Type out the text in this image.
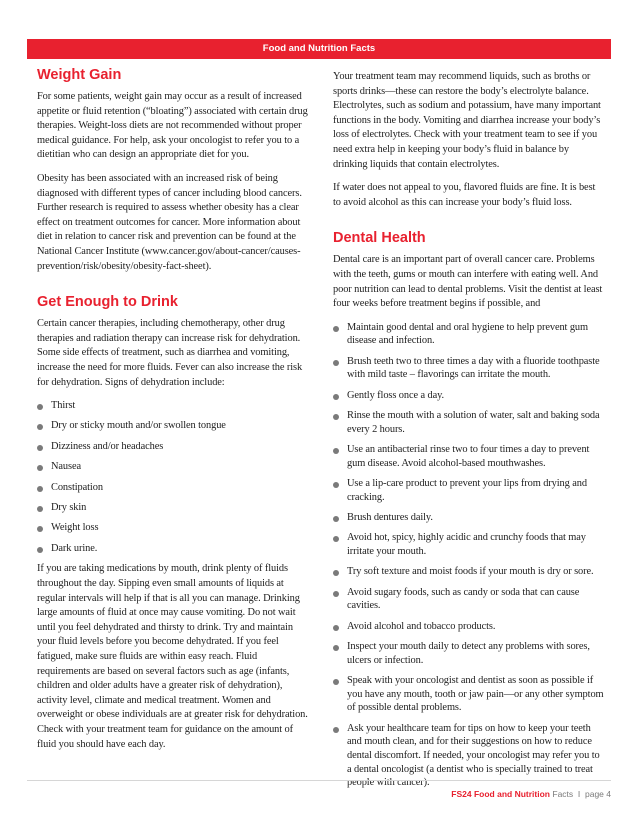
Food and Nutrition Facts
Weight Gain

For some patients, weight gain may occur as a result of increased appetite or fluid retention (“bloating”) associated with certain drug therapies. Weight-loss diets are not recommended without proper medical guidance. For help, ask your oncologist to refer you to a dietitian who can design an appropriate diet for you.

Obesity has been associated with an increased risk of being diagnosed with different types of cancer including blood cancers. Further research is required to assess whether obesity has a clear effect on treatment outcomes for cancer. More information about diet in relation to cancer risk and prevention can be found at the National Cancer Institute (www.cancer.gov/about-cancer/causes-prevention/risk/obesity/obesity-fact-sheet).

Get Enough to Drink

Certain cancer therapies, including chemotherapy, other drug therapies and radiation therapy can increase risk for dehydration. Some side effects of treatment, such as diarrhea and vomiting, increase the need for more fluids. Fever can also increase the risk for dehydration. Signs of dehydration include:

Thirst
Dry or sticky mouth and/or swollen tongue
Dizziness and/or headaches
Nausea
Constipation
Dry skin
Weight loss
Dark urine.

If you are taking medications by mouth, drink plenty of fluids throughout the day. Sipping even small amounts of liquids at regular intervals will help if that is all you can manage. Drinking large amounts of fluid at once may cause vomiting. Do not wait until you feel dehydrated and thirsty to drink. Try and maintain your fluid levels before you become dehydrated. If you feel fatigued, make sure fluids are within easy reach. Fluid requirements are based on several factors such as age (infants, children and older adults have a greater risk of dehydration), activity level, climate and medical treatment. Women and overweight or obese individuals are at greater risk for dehydration. Check with your treatment team for guidance on the amount of fluid you should have each day.

Your treatment team may recommend liquids, such as broths or sports drinks—these can restore the body’s electrolyte balance. Electrolytes, such as sodium and potassium, have many important functions in the body. Vomiting and diarrhea increase your body’s loss of electrolytes. Check with your treatment team to see if you need extra help in keeping your body’s fluid in balance by drinking liquids that contain electrolytes.

If water does not appeal to you, flavored fluids are fine. It is best to avoid alcohol as this can increase your body’s fluid loss.

Dental Health

Dental care is an important part of overall cancer care. Problems with the teeth, gums or mouth can interfere with eating well. And poor nutrition can lead to dental problems. Visit the dentist at least four weeks before treatment begins if possible, and

Maintain good dental and oral hygiene to help prevent gum disease and infection.
Brush teeth two to three times a day with a fluoride toothpaste with mild taste – flavorings can irritate the mouth.
Gently floss once a day.
Rinse the mouth with a solution of water, salt and baking soda every 2 hours.
Use an antibacterial rinse two to four times a day to prevent gum disease. Avoid alcohol-based mouthwashes.
Use a lip-care product to prevent your lips from drying and cracking.
Brush dentures daily.
Avoid hot, spicy, highly acidic and crunchy foods that may irritate your mouth.
Try soft texture and moist foods if your mouth is dry or sore.
Avoid sugary foods, such as candy or soda that can cause cavities.
Avoid alcohol and tobacco products.
Inspect your mouth daily to detect any problems with sores, ulcers or infection.
Speak with your oncologist and dentist as soon as possible if you have any mouth, tooth or jaw pain—or any other symptom of possible dental problems.
Ask your healthcare team for tips on how to keep your teeth and mouth clean, and for their suggestions on how to reduce dental discomfort. If needed, your oncologist may refer you to a dental oncologist (a dentist who is specially trained to treat people with cancer).
FS24 Food and Nutrition Facts I page 4
